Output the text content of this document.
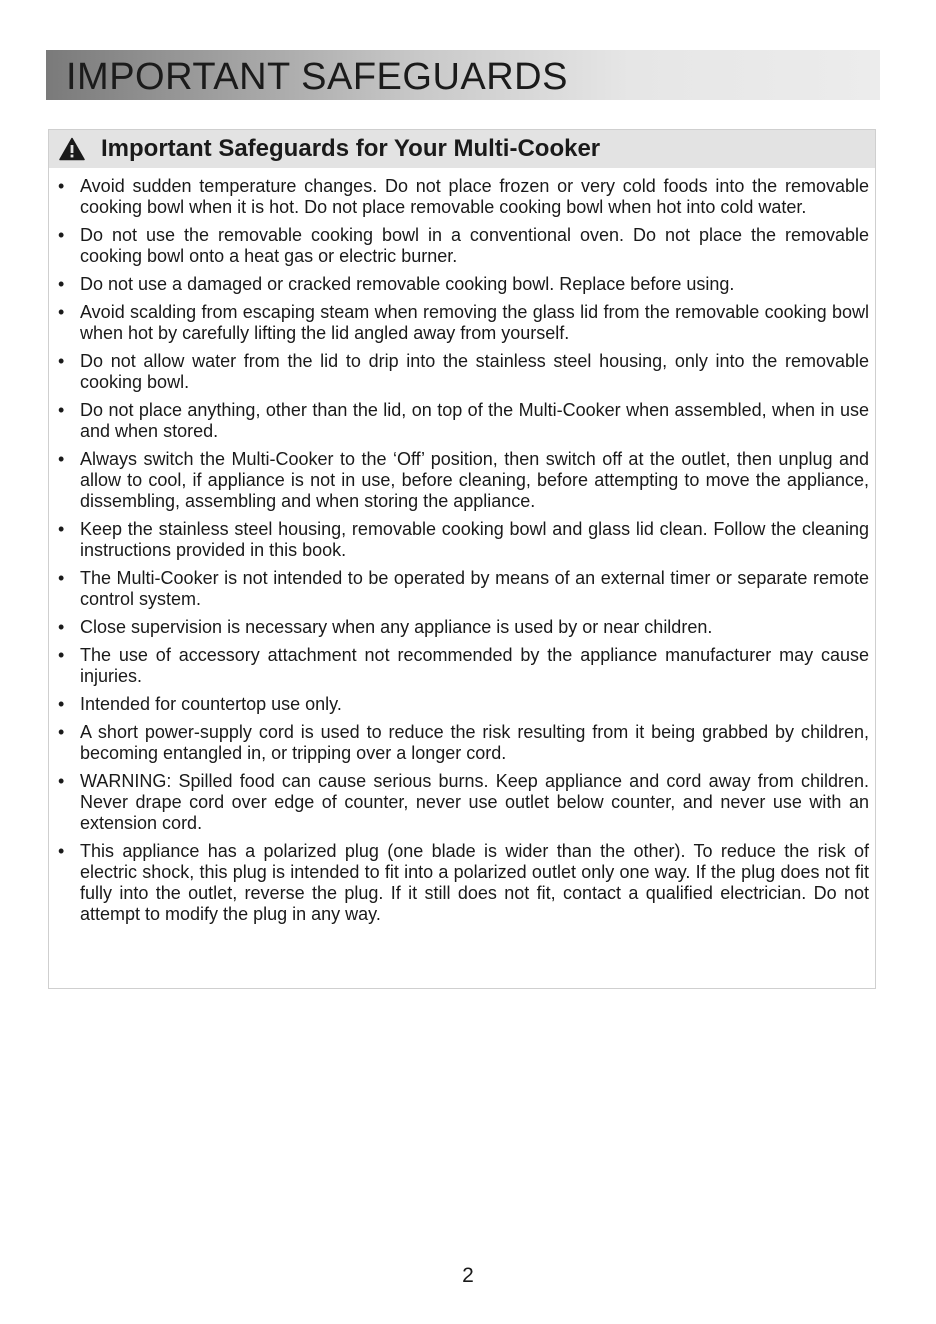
IMPORTANT SAFEGUARDS
Important Safeguards for Your Multi-Cooker
• Avoid sudden temperature changes. Do not place frozen or very cold foods into the removable cooking bowl when it is hot. Do not place removable cooking bowl when hot into cold water.
• Do not use the removable cooking bowl in a conventional oven. Do not place the removable cooking bowl onto a heat gas or electric burner.
• Do not use a damaged or cracked removable cooking bowl. Replace before using.
• Avoid scalding from escaping steam when removing the glass lid from the removable cooking bowl when hot by carefully lifting the lid angled away from yourself.
• Do not allow water from the lid to drip into the stainless steel housing, only into the removable cooking bowl.
• Do not place anything, other than the lid, on top of the Multi-Cooker when assembled, when in use and when stored.
• Always switch the Multi-Cooker to the ‘Off’ position, then switch off at the outlet, then unplug and allow to cool, if appliance is not in use, before cleaning, before attempting to move the appliance, dissembling, assembling and when storing the appliance.
• Keep the stainless steel housing, removable cooking bowl and glass lid clean. Follow the cleaning instructions provided in this book.
• The Multi-Cooker is not intended to be operated by means of an external timer or separate remote control system.
• Close supervision is necessary when any appliance is used by or near children.
• The use of accessory attachment not recommended by the appliance manufacturer may cause injuries.
• Intended for countertop use only.
• A short power-supply cord is used to reduce the risk resulting from it being grabbed by children, becoming entangled in, or tripping over a longer cord.
• WARNING: Spilled food can cause serious burns. Keep appliance and cord away from children. Never drape cord over edge of counter, never use outlet below counter, and never use with an extension cord.
• This appliance has a polarized plug (one blade is wider than the other). To reduce the risk of electric shock, this plug is intended to fit into a polarized outlet only one way. If the plug does not fit fully into the outlet, reverse the plug. If it still does not fit, contact a qualified electrician. Do not attempt to modify the plug in any way.
2
